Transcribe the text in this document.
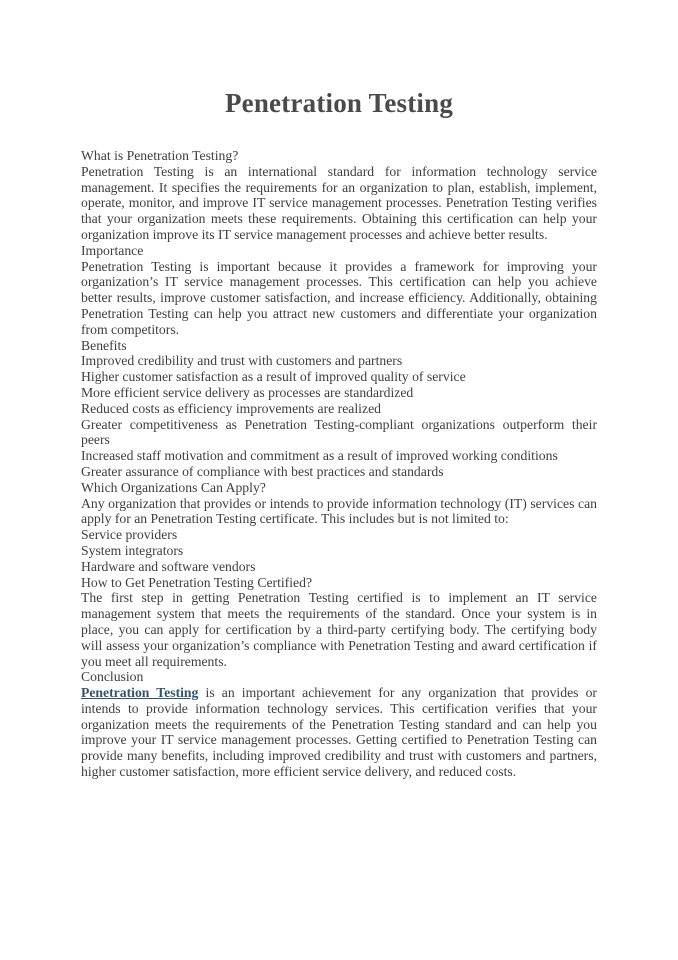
Penetration Testing

What is Penetration Testing?

Penetration Testing is an international standard for information technology service management. It specifies the requirements for an organization to plan, establish, implement, operate, monitor, and improve IT service management processes. Penetration Testing verifies that your organization meets these requirements. Obtaining this certification can help your organization improve its IT service management processes and achieve better results.

Importance

Penetration Testing is important because it provides a framework for improving your organization’s IT service management processes. This certification can help you achieve better results, improve customer satisfaction, and increase efficiency. Additionally, obtaining Penetration Testing can help you attract new customers and differentiate your organization from competitors.

Benefits

Improved credibility and trust with customers and partners

Higher customer satisfaction as a result of improved quality of service

More efficient service delivery as processes are standardized

Reduced costs as efficiency improvements are realized

Greater competitiveness as Penetration Testing-compliant organizations outperform their peers

Increased staff motivation and commitment as a result of improved working conditions

Greater assurance of compliance with best practices and standards

Which Organizations Can Apply?

Any organization that provides or intends to provide information technology (IT) services can apply for an Penetration Testing certificate. This includes but is not limited to:

Service providers

System integrators

Hardware and software vendors

How to Get Penetration Testing Certified?

The first step in getting Penetration Testing certified is to implement an IT service management system that meets the requirements of the standard. Once your system is in place, you can apply for certification by a third-party certifying body. The certifying body will assess your organization’s compliance with Penetration Testing and award certification if you meet all requirements.

Conclusion

Penetration Testing is an important achievement for any organization that provides or intends to provide information technology services. This certification verifies that your organization meets the requirements of the Penetration Testing standard and can help you improve your IT service management processes. Getting certified to Penetration Testing can provide many benefits, including improved credibility and trust with customers and partners, higher customer satisfaction, more efficient service delivery, and reduced costs.
